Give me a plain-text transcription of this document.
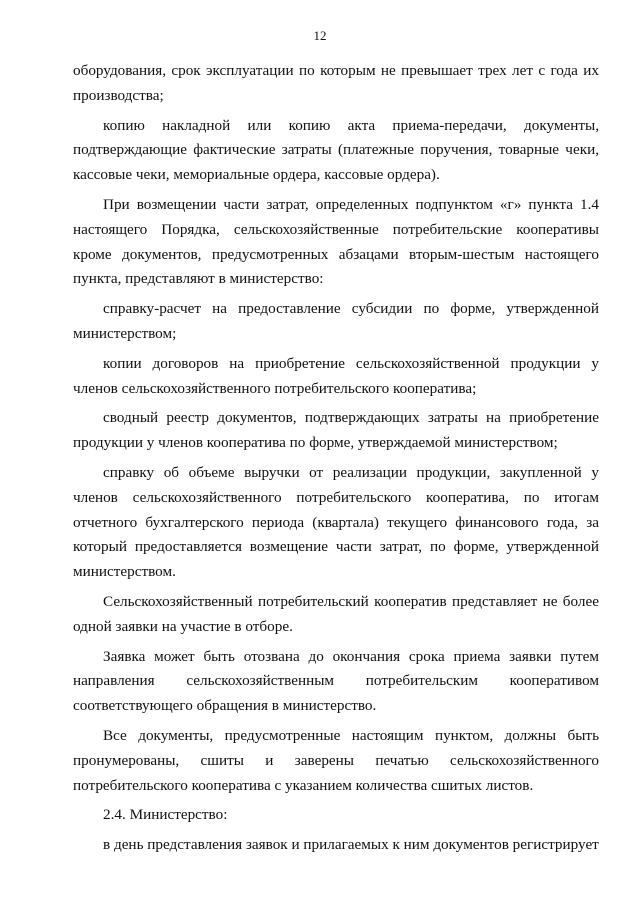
12

оборудования, срок эксплуатации по которым не превышает трех лет с года их производства;

копию накладной или копию акта приема-передачи, документы, подтверждающие фактические затраты (платежные поручения, товарные чеки, кассовые чеки, мемориальные ордера, кассовые ордера).

При возмещении части затрат, определенных подпунктом «г» пункта 1.4 настоящего Порядка, сельскохозяйственные потребительские кооперативы кроме документов, предусмотренных абзацами вторым-шестым настоящего пункта, представляют в министерство:

справку-расчет на предоставление субсидии по форме, утвержденной министерством;

копии договоров на приобретение сельскохозяйственной продукции у членов сельскохозяйственного потребительского кооператива;

сводный реестр документов, подтверждающих затраты на приобретение продукции у членов кооператива по форме, утверждаемой министерством;

справку об объеме выручки от реализации продукции, закупленной у членов сельскохозяйственного потребительского кооператива, по итогам отчетного бухгалтерского периода (квартала) текущего финансового года, за который предоставляется возмещение части затрат, по форме, утвержденной министерством.

Сельскохозяйственный потребительский кооператив представляет не более одной заявки на участие в отборе.

Заявка может быть отозвана до окончания срока приема заявки путем направления сельскохозяйственным потребительским кооперативом соответствующего обращения в министерство.

Все документы, предусмотренные настоящим пунктом, должны быть пронумерованы, сшиты и заверены печатью сельскохозяйственного потребительского кооператива с указанием количества сшитых листов.

2.4. Министерство:

в день представления заявок и прилагаемых к ним документов регистрирует
